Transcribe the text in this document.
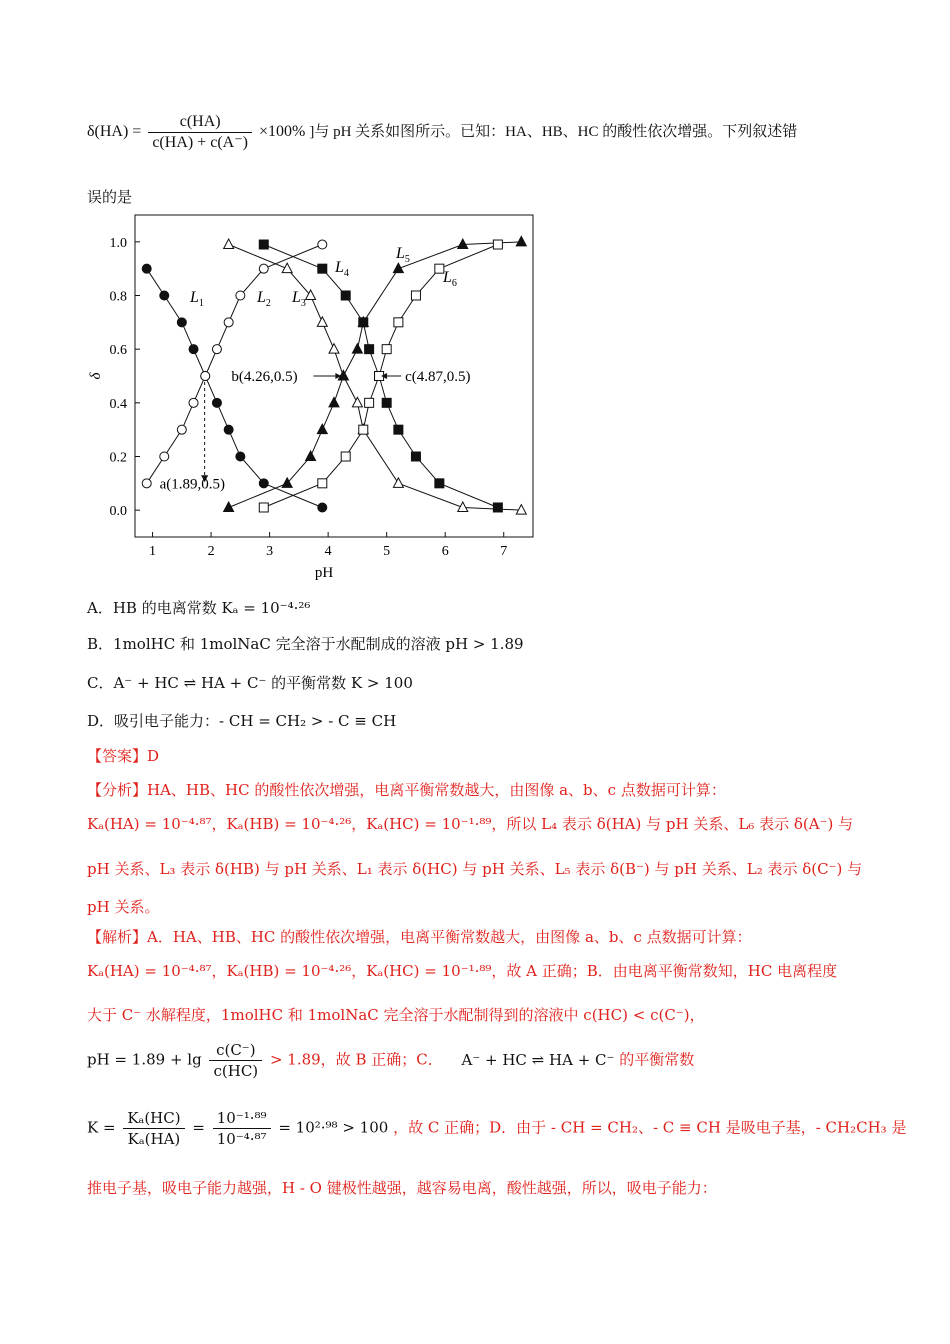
$\delta(HA) = \frac{c(HA)}{c(HA) + c(A^-)} \times 100\%$ ]与 pH 关系如图所示。已知：HA、HB、HC 的酸性依次增强。下列叙述错
误的是
1	2	3	4	5	6	7
0.0
0.2
0.4
0.6
0.8
1.0
pH
δ
$L_1$	$L_2$ $L_3$
$L_4$
$L_5$
$L_6$
a(1.89,0.5)
b(4.26,0.5)	c(4.87,0.5)
A．HB 的电离常数 Kₐ = 10⁻⁴·²⁶
B．1molHC 和 1molNaC 完全溶于水配制成的溶液 pH > 1.89
C．A⁻ + HC ⇌ HA + C⁻ 的平衡常数 K > 100
D．吸引电子能力：- CH = CH₂ > - C ≡ CH
【答案】D
【分析】HA、HB、HC 的酸性依次增强，电离平衡常数越大，由图像 a、b、c 点数据可计算：
Kₐ(HA) = 10⁻⁴·⁸⁷，Kₐ(HB) = 10⁻⁴·²⁶，Kₐ(HC) = 10⁻¹·⁸⁹，所以 L₄ 表示 δ(HA) 与 pH 关系、L₆ 表示 δ(A⁻) 与
pH 关系、L₃ 表示 δ(HB) 与 pH 关系、L₁ 表示 δ(HC) 与 pH 关系、L₅ 表示 δ(B⁻) 与 pH 关系、L₂ 表示 δ(C⁻) 与
pH 关系。
【解析】A．HA、HB、HC 的酸性依次增强，电离平衡常数越大，由图像 a、b、c 点数据可计算：
Kₐ(HA) = 10⁻⁴·⁸⁷，Kₐ(HB) = 10⁻⁴·²⁶，Kₐ(HC) = 10⁻¹·⁸⁹，故 A 正确；B．由电离平衡常数知，HC 电离程度
大于 C⁻ 水解程度，1molHC 和 1molNaC 完全溶于水配制得到的溶液中 c(HC) < c(C⁻)，
pH = $1.89 + \lg \frac{c(C^-)}{c(HC)} > 1.89$，故 B 正确；C． A⁻ + HC ⇌ HA + C⁻ 的平衡常数
$K = \frac{\text{Kₐ(HC)}}{\text{Kₐ(HA)}} = \frac{\text{10⁻¹·⁸⁹}}{\text{10⁻⁴·⁸⁷}} = 10^2\cdot^{98} > 100$ ，故 C 正确；D．由于 - CH = CH₂、- C ≡ CH 是吸电子基，- CH₂CH₃ 是
推电子基，吸电子能力越强，H - O 键极性越强，越容易电离，酸性越强，所以，吸电子能力：
